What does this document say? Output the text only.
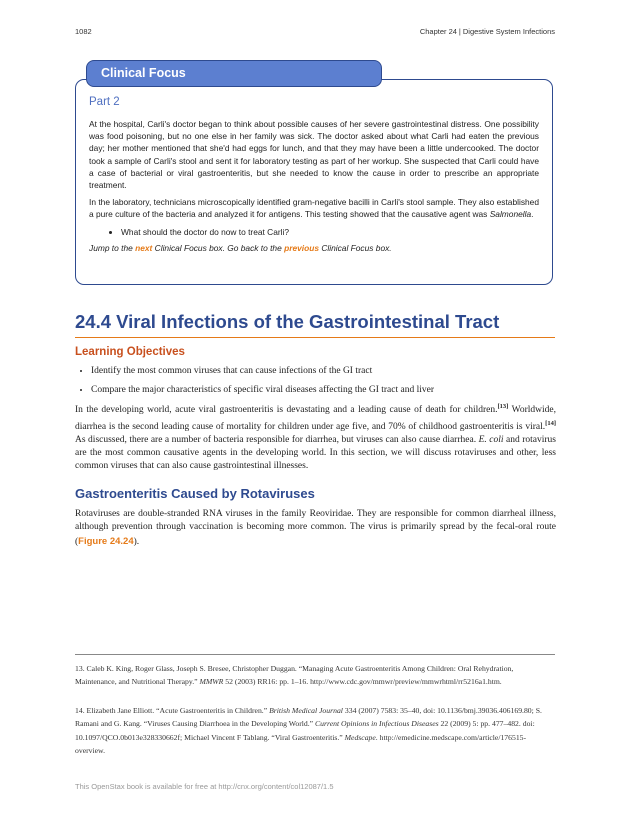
1082	Chapter 24 | Digestive System Infections
Clinical Focus
Part 2

At the hospital, Carli's doctor began to think about possible causes of her severe gastrointestinal distress. One possibility was food poisoning, but no one else in her family was sick. The doctor asked about what Carli had eaten the previous day; her mother mentioned that she'd had eggs for lunch, and that they may have been a little undercooked. The doctor took a sample of Carli's stool and sent it for laboratory testing as part of her workup. She suspected that Carli could have a case of bacterial or viral gastroenteritis, but she needed to know the cause in order to prescribe an appropriate treatment.

In the laboratory, technicians microscopically identified gram-negative bacilli in Carli's stool sample. They also established a pure culture of the bacteria and analyzed it for antigens. This testing showed that the causative agent was Salmonella.

• What should the doctor do now to treat Carli?

Jump to the next Clinical Focus box. Go back to the previous Clinical Focus box.

24.4 Viral Infections of the Gastrointestinal Tract
Learning Objectives
• Identify the most common viruses that can cause infections of the GI tract
• Compare the major characteristics of specific viral diseases affecting the GI tract and liver

In the developing world, acute viral gastroenteritis is devastating and a leading cause of death for children.[13] Worldwide, diarrhea is the second leading cause of mortality for children under age five, and 70% of childhood gastroenteritis is viral.[14] As discussed, there are a number of bacteria responsible for diarrhea, but viruses can also cause diarrhea. E. coli and rotavirus are the most common causative agents in the developing world. In this section, we will discuss rotaviruses and other, less common viruses that can also cause gastrointestinal illnesses.

Gastroenteritis Caused by Rotaviruses

Rotaviruses are double-stranded RNA viruses in the family Reoviridae. They are responsible for common diarrheal illness, although prevention through vaccination is becoming more common. The virus is primarily spread by the fecal-oral route (Figure 24.24).

13. Caleb K. King, Roger Glass, Joseph S. Bresee, Christopher Duggan. “Managing Acute Gastroenteritis Among Children: Oral Rehydration, Maintenance, and Nutritional Therapy.” MMWR 52 (2003) RR16: pp. 1–16. http://www.cdc.gov/mmwr/preview/mmwrhtml/rr5216a1.htm.

14. Elizabeth Jane Elliott. “Acute Gastroenteritis in Children.” British Medical Journal 334 (2007) 7583: 35–40, doi: 10.1136/bmj.39036.406169.80; S. Ramani and G. Kang. “Viruses Causing Diarrhoea in the Developing World.” Current Opinions in Infectious Diseases 22 (2009) 5: pp. 477–482. doi: 10.1097/QCO.0b013e328330662f; Michael Vincent F Tablang. “Viral Gastroenteritis.” Medscape. http://emedicine.medscape.com/article/176515-overview.

This OpenStax book is available for free at http://cnx.org/content/col12087/1.5
